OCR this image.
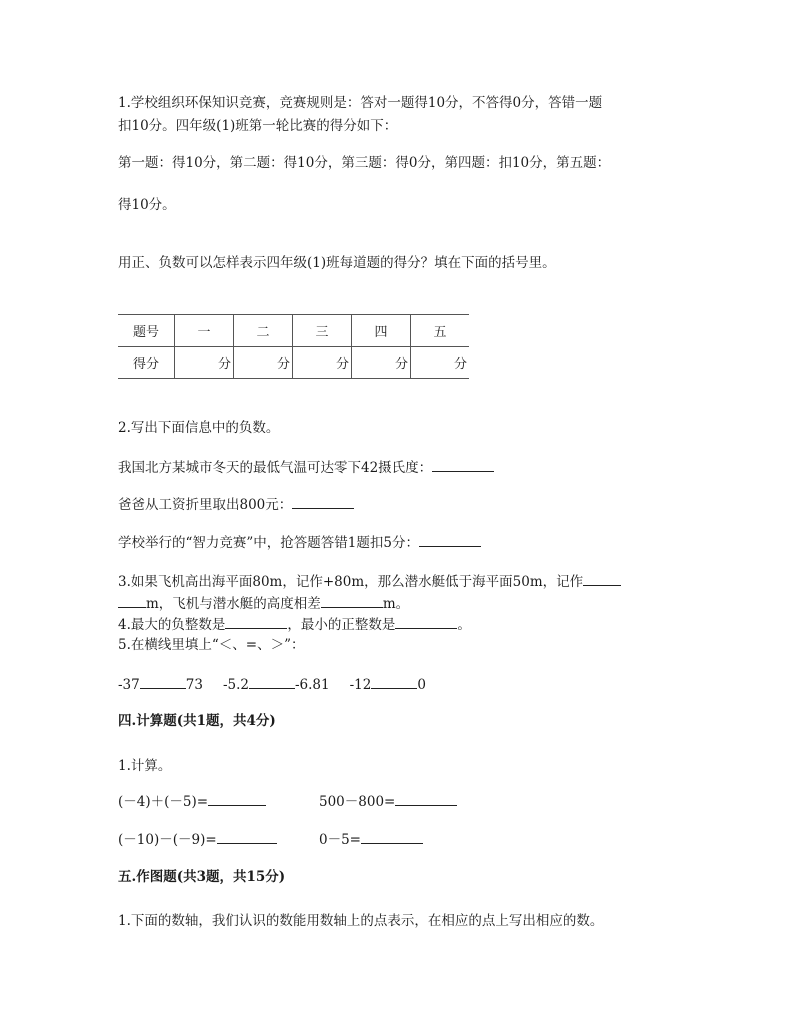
1.学校组织环保知识竞赛，竞赛规则是：答对一题得10分，不答得0分，答错一题
扣10分。四年级(1)班第一轮比赛的得分如下：
第一题：得10分，第二题：得10分，第三题：得0分，第四题：扣10分，第五题：
得10分。
用正、负数可以怎样表示四年级(1)班每道题的得分？填在下面的括号里。
题号	一	二	三	四	五
得分	分	分	分	分	分
2.写出下面信息中的负数。
我国北方某城市冬天的最低气温可达零下42摄氏度：
爸爸从工资折里取出800元：
学校举行的“智力竞赛”中，抢答题答错1题扣5分：
3.如果飞机高出海平面80m，记作+80m，那么潜水艇低于海平面50m，记作
m，飞机与潜水艇的高度相差	m。
4.最大的负整数是	，最小的正整数是	。
5.在横线里填上“＜、=、＞”：
-37	73 -5.2	-6.81 -12	0
四.计算题(共1题，共4分)
1.计算。
(－4)＋(－5)=	500－800=
(－10)－(－9)=	0－5=
五.作图题(共3题，共15分)
1.下面的数轴，我们认识的数能用数轴上的点表示，在相应的点上写出相应的数。
